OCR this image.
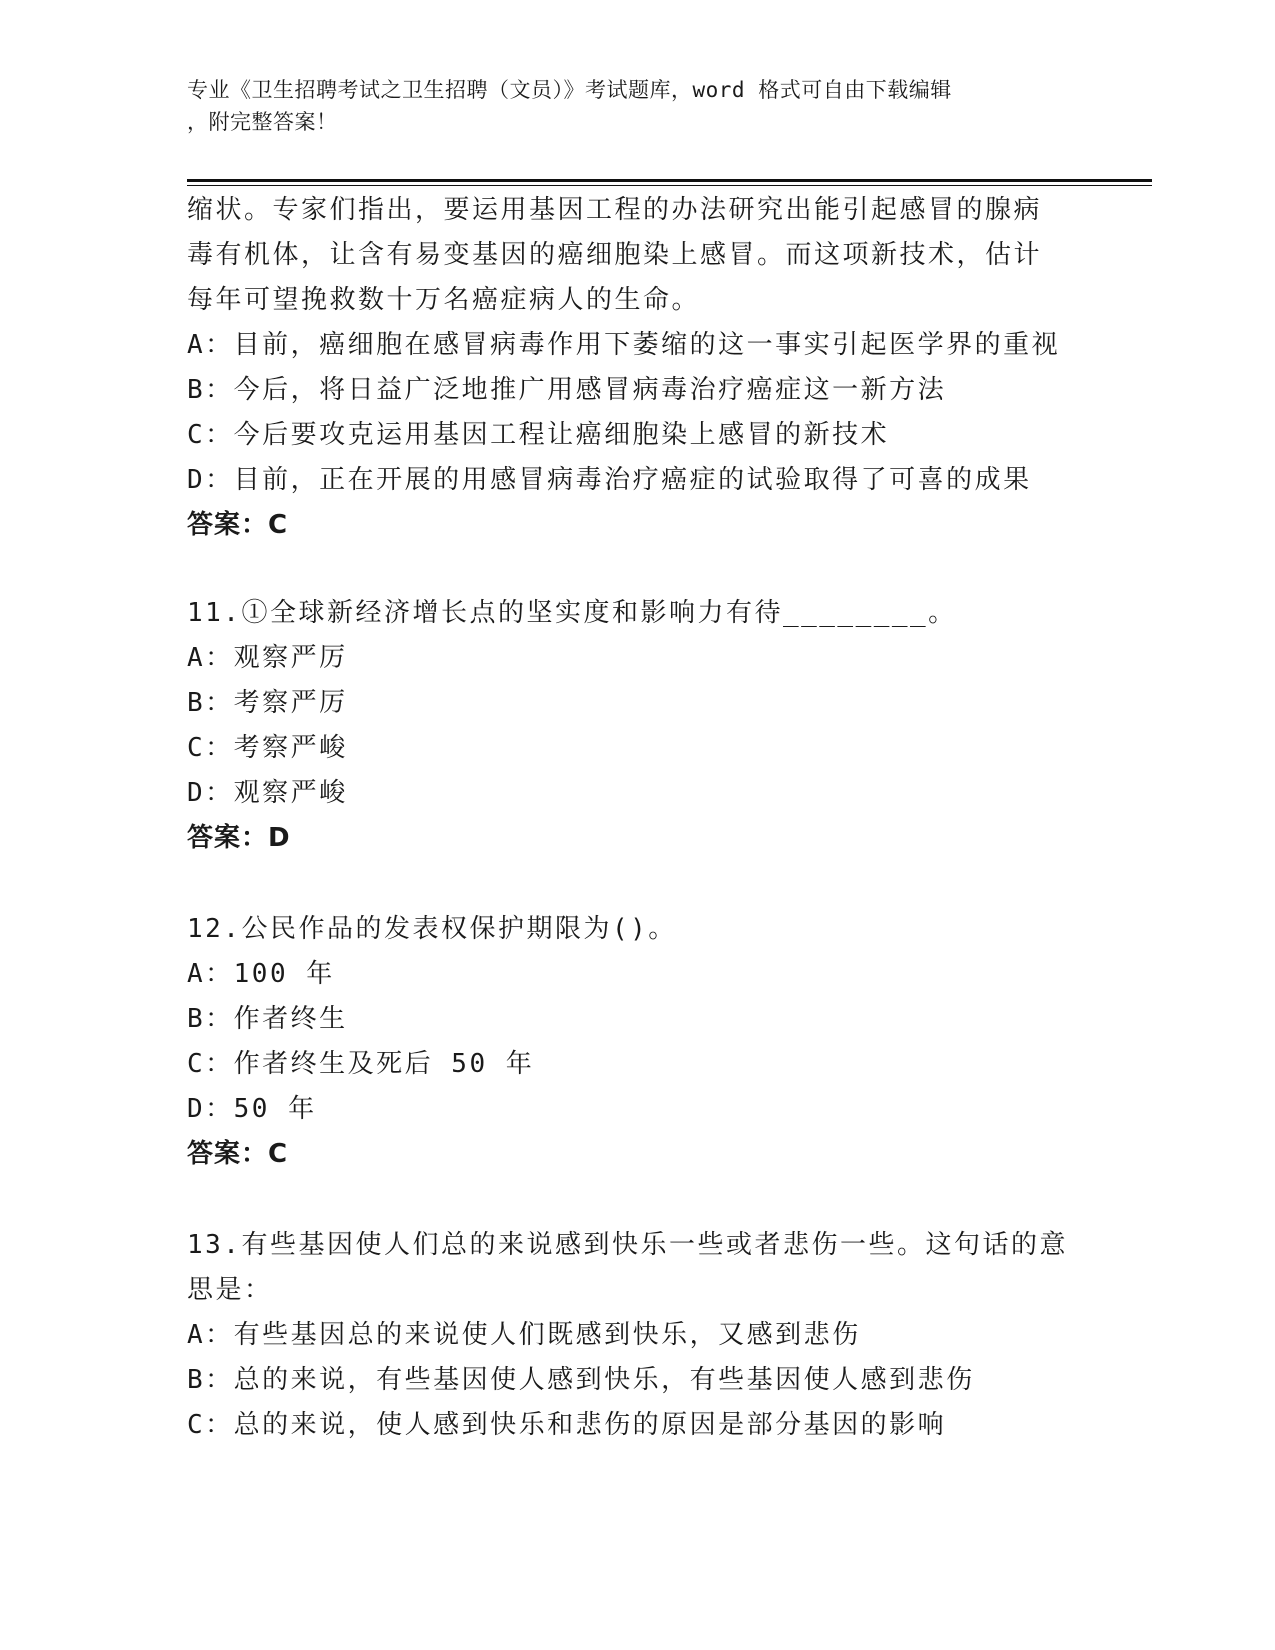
专业《卫生招聘考试之卫生招聘（文员）》考试题库，word 格式可自由下载编辑
，附完整答案！
缩状。专家们指出，要运用基因工程的办法研究出能引起感冒的腺病
毒有机体，让含有易变基因的癌细胞染上感冒。而这项新技术，估计
每年可望挽救数十万名癌症病人的生命。
A：目前，癌细胞在感冒病毒作用下萎缩的这一事实引起医学界的重视
B：今后，将日益广泛地推广用感冒病毒治疗癌症这一新方法
C：今后要攻克运用基因工程让癌细胞染上感冒的新技术
D：目前，正在开展的用感冒病毒治疗癌症的试验取得了可喜的成果
答案：C
11.①全球新经济增长点的坚实度和影响力有待________。
A：观察严厉
B：考察严厉
C：考察严峻
D：观察严峻
答案：D
12.公民作品的发表权保护期限为()。
A：100 年
B：作者终生
C：作者终生及死后 50 年
D：50 年
答案：C
13.有些基因使人们总的来说感到快乐一些或者悲伤一些。这句话的意
思是：
A：有些基因总的来说使人们既感到快乐，又感到悲伤
B：总的来说，有些基因使人感到快乐，有些基因使人感到悲伤
C：总的来说，使人感到快乐和悲伤的原因是部分基因的影响
